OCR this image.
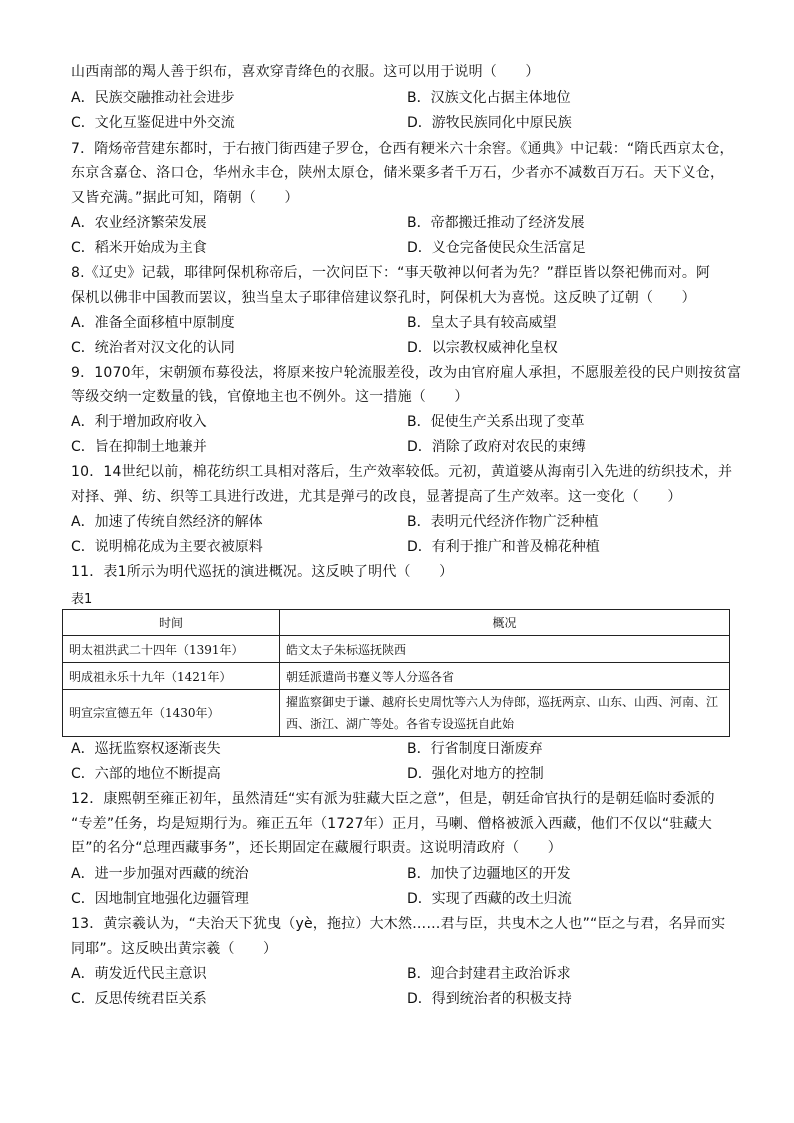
山西南部的羯人善于织布，喜欢穿青绛色的衣服。这可以用于说明（　　）
A．民族交融推动社会进步	B．汉族文化占据主体地位
C．文化互鉴促进中外交流	D．游牧民族同化中原民族
7．隋炀帝营建东都时，于右掖门街西建子罗仓，仓西有粳米六十余窖。《通典》中记载：“隋氏西京太仓，
东京含嘉仓、洛口仓，华州永丰仓，陕州太原仓，储米粟多者千万石，少者亦不减数百万石。天下义仓，
又皆充满。”据此可知，隋朝（　　）
A．农业经济繁荣发展	B．帝都搬迁推动了经济发展
C．稻米开始成为主食	D．义仓完备使民众生活富足
8.《辽史》记载，耶律阿保机称帝后，一次问臣下：“事天敬神以何者为先？”群臣皆以祭祀佛而对。阿
保机以佛非中国教而罢议，独当皇太子耶律倍建议祭孔时，阿保机大为喜悦。这反映了辽朝（　　）
A．准备全面移植中原制度	B．皇太子具有较高威望
C．统治者对汉文化的认同	D．以宗教权威神化皇权
9．1070年，宋朝颁布募役法，将原来按户轮流服差役，改为由官府雇人承担，不愿服差役的民户则按贫富
等级交纳一定数量的钱，官僚地主也不例外。这一措施（　　）
A．利于增加政府收入	B．促使生产关系出现了变革
C．旨在抑制土地兼并	D．消除了政府对农民的束缚
10．14世纪以前，棉花纺织工具相对落后，生产效率较低。元初，黄道婆从海南引入先进的纺织技术，并
对择、弹、纺、织等工具进行改进，尤其是弹弓的改良，显著提高了生产效率。这一变化（　　）
A．加速了传统自然经济的解体	B．表明元代经济作物广泛种植
C．说明棉花成为主要衣被原料	D．有利于推广和普及棉花种植
11．表1所示为明代巡抚的演进概况。这反映了明代（　　）
表1
时间	概况
明太祖洪武二十四年（1391年）	皓文太子朱标巡抚陕西
明成祖永乐十九年（1421年）	朝廷派遣尚书蹇义等人分巡各省
明宣宗宣德五年（1430年）	擢监察御史于谦、越府长史周忱等六人为侍郎，巡抚两京、山东、山西、河南、江西、浙江、湖广等处。各省专设巡抚自此始
A．巡抚监察权逐渐丧失	B．行省制度日渐废弃
C．六部的地位不断提高	D．强化对地方的控制
12．康熙朝至雍正初年，虽然清廷“实有派为驻藏大臣之意”，但是，朝廷命官执行的是朝廷临时委派的
“专差”任务，均是短期行为。雍正五年（1727年）正月，马喇、僧格被派入西藏，他们不仅以“驻藏大
臣”的名分“总理西藏事务”，还长期固定在藏履行职责。这说明清政府（　　）
A．进一步加强对西藏的统治	B．加快了边疆地区的开发
C．因地制宜地强化边疆管理	D．实现了西藏的改土归流
13．黄宗羲认为，“夫治天下犹曳（yè，拖拉）大木然……君与臣，共曳木之人也”“臣之与君，名异而实
同耶”。这反映出黄宗羲（　　）
A．萌发近代民主意识	B．迎合封建君主政治诉求
C．反思传统君臣关系	D．得到统治者的积极支持
